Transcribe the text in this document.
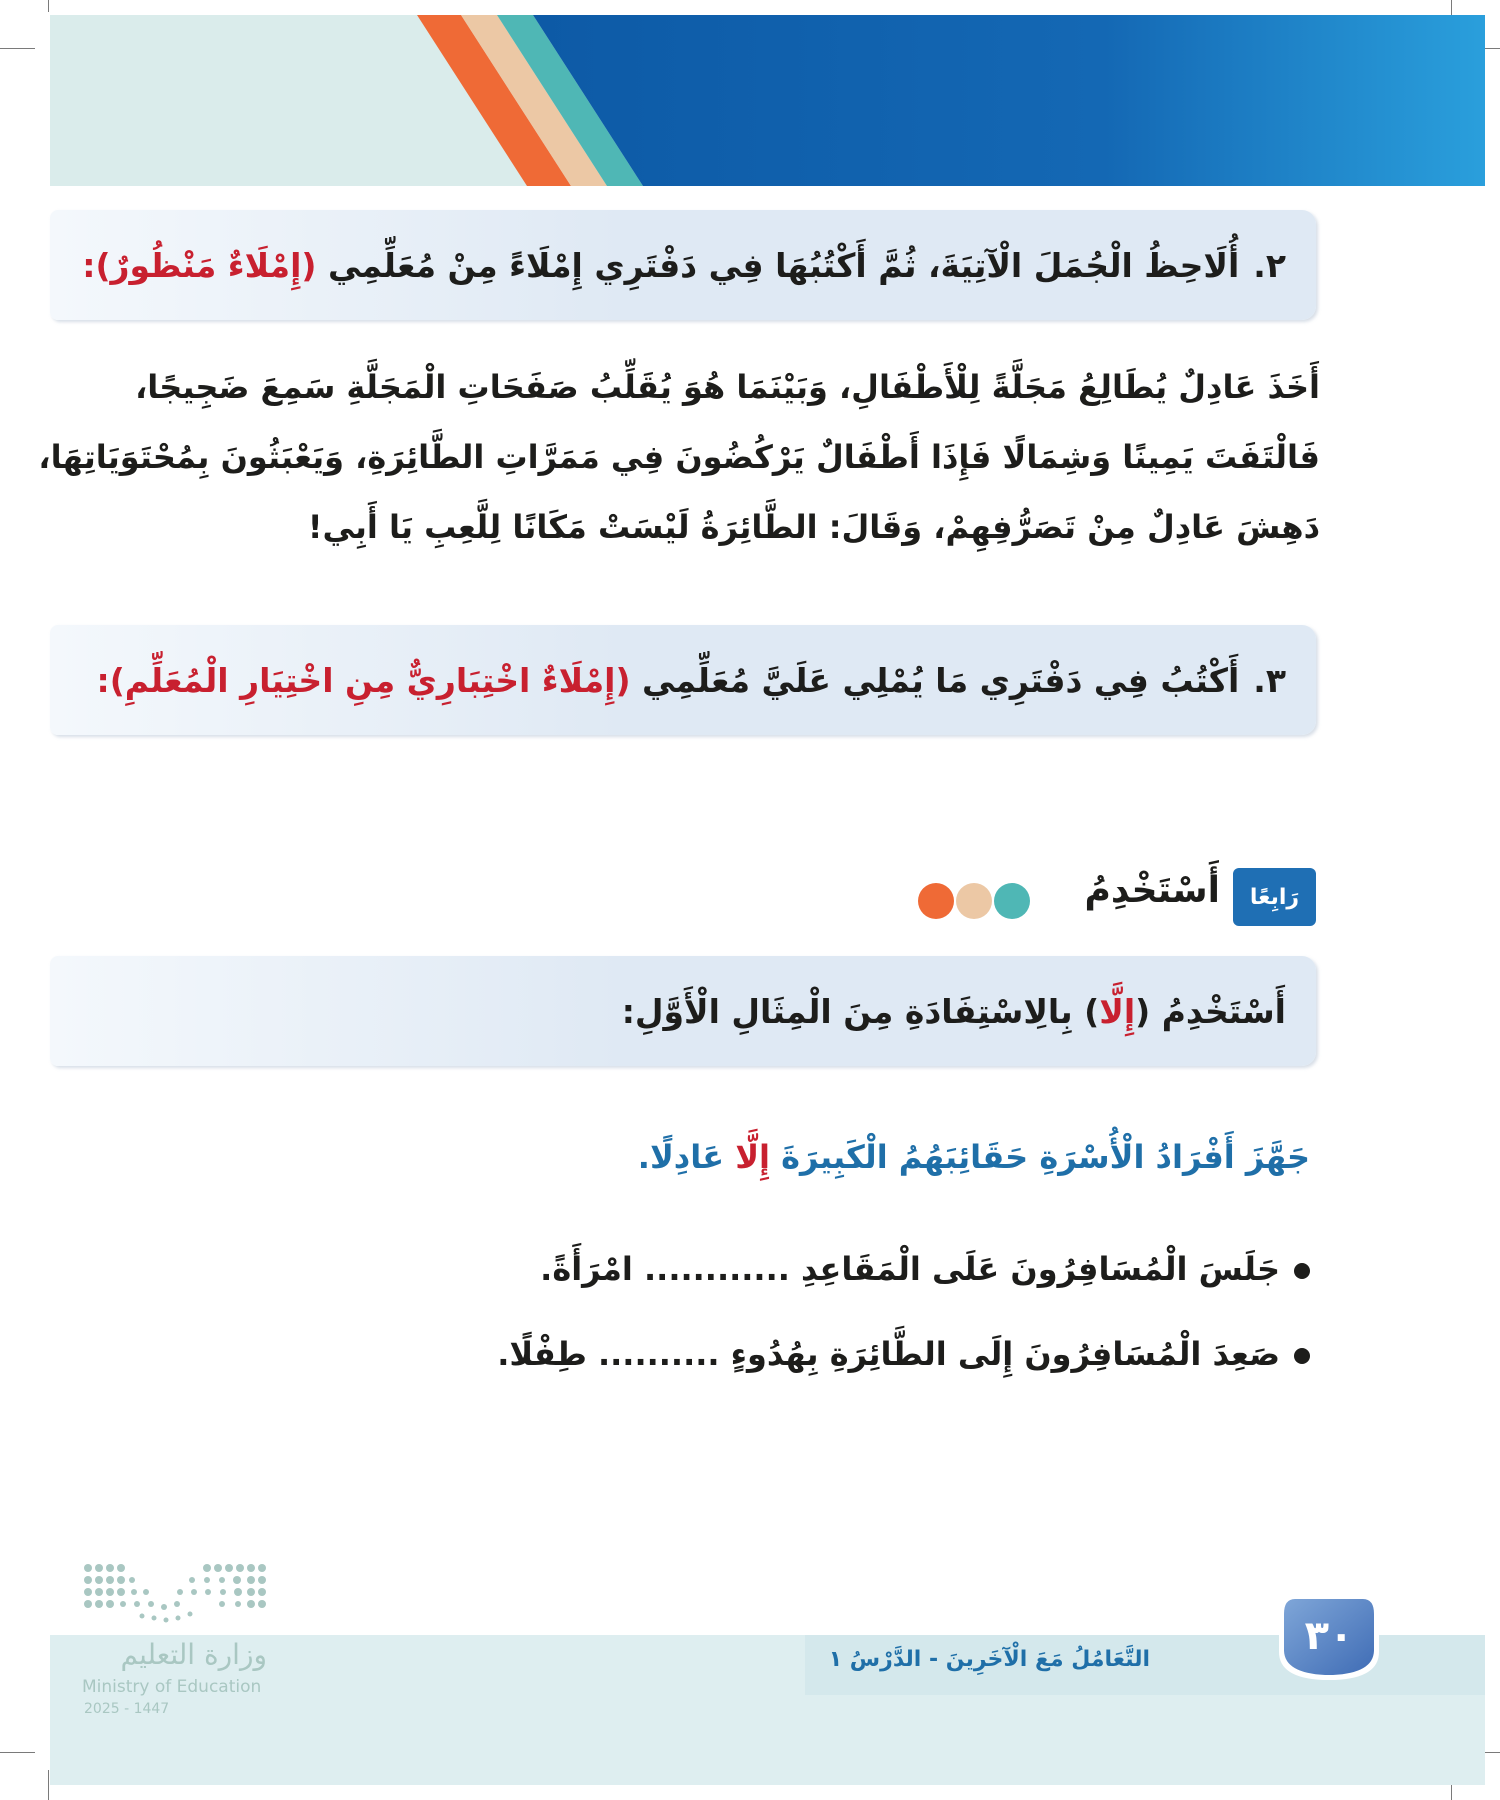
٢.أُلَاحِظُ الْجُمَلَ الْآتِيَةَ، ثُمَّ أَكْتُبُهَا فِي دَفْتَرِي إِمْلَاءً مِنْ مُعَلِّمِي (إِمْلَاءٌ مَنْظُورٌ):
أَخَذَ عَادِلٌ يُطَالِعُ مَجَلَّةً لِلْأَطْفَالِ، وَبَيْنَمَا هُوَ يُقَلِّبُ صَفَحَاتِ الْمَجَلَّةِ سَمِعَ ضَجِيجًا،
فَالْتَفَتَ يَمِينًا وَشِمَالًا فَإِذَا أَطْفَالٌ يَرْكُضُونَ فِي مَمَرَّاتِ الطَّائِرَةِ، وَيَعْبَثُونَ بِمُحْتَوَيَاتِهَا،
دَهِشَ عَادِلٌ مِنْ تَصَرُّفِهِمْ، وَقَالَ: الطَّائِرَةُ لَيْسَتْ مَكَانًا لِلَّعِبِ يَا أَبِي!
٣.أَكْتُبُ فِي دَفْتَرِي مَا يُمْلِي عَلَيَّ مُعَلِّمِي (إِمْلَاءٌ اخْتِبَارِيٌّ مِنِ اخْتِيَارِ الْمُعَلِّمِ):
رَابِعًا
أَسْتَخْدِمُ
أَسْتَخْدِمُ (إِلَّا) بِالِاسْتِفَادَةِ مِنَ الْمِثَالِ الْأَوَّلِ:
جَهَّزَ أَفْرَادُ الْأُسْرَةِ حَقَائِبَهُمُ الْكَبِيرَةَ إِلَّا عَادِلًا.
جَلَسَ الْمُسَافِرُونَ عَلَى الْمَقَاعِدِ ............ امْرَأَةً.
صَعِدَ الْمُسَافِرُونَ إِلَى الطَّائِرَةِ بِهُدُوءٍ .......... طِفْلًا.
التَّعَامُلُ مَعَ الْآخَرِينَ - الدَّرْسُ ١
٣٠
وزارة التعليم
Ministry of Education
2025 - 1447
